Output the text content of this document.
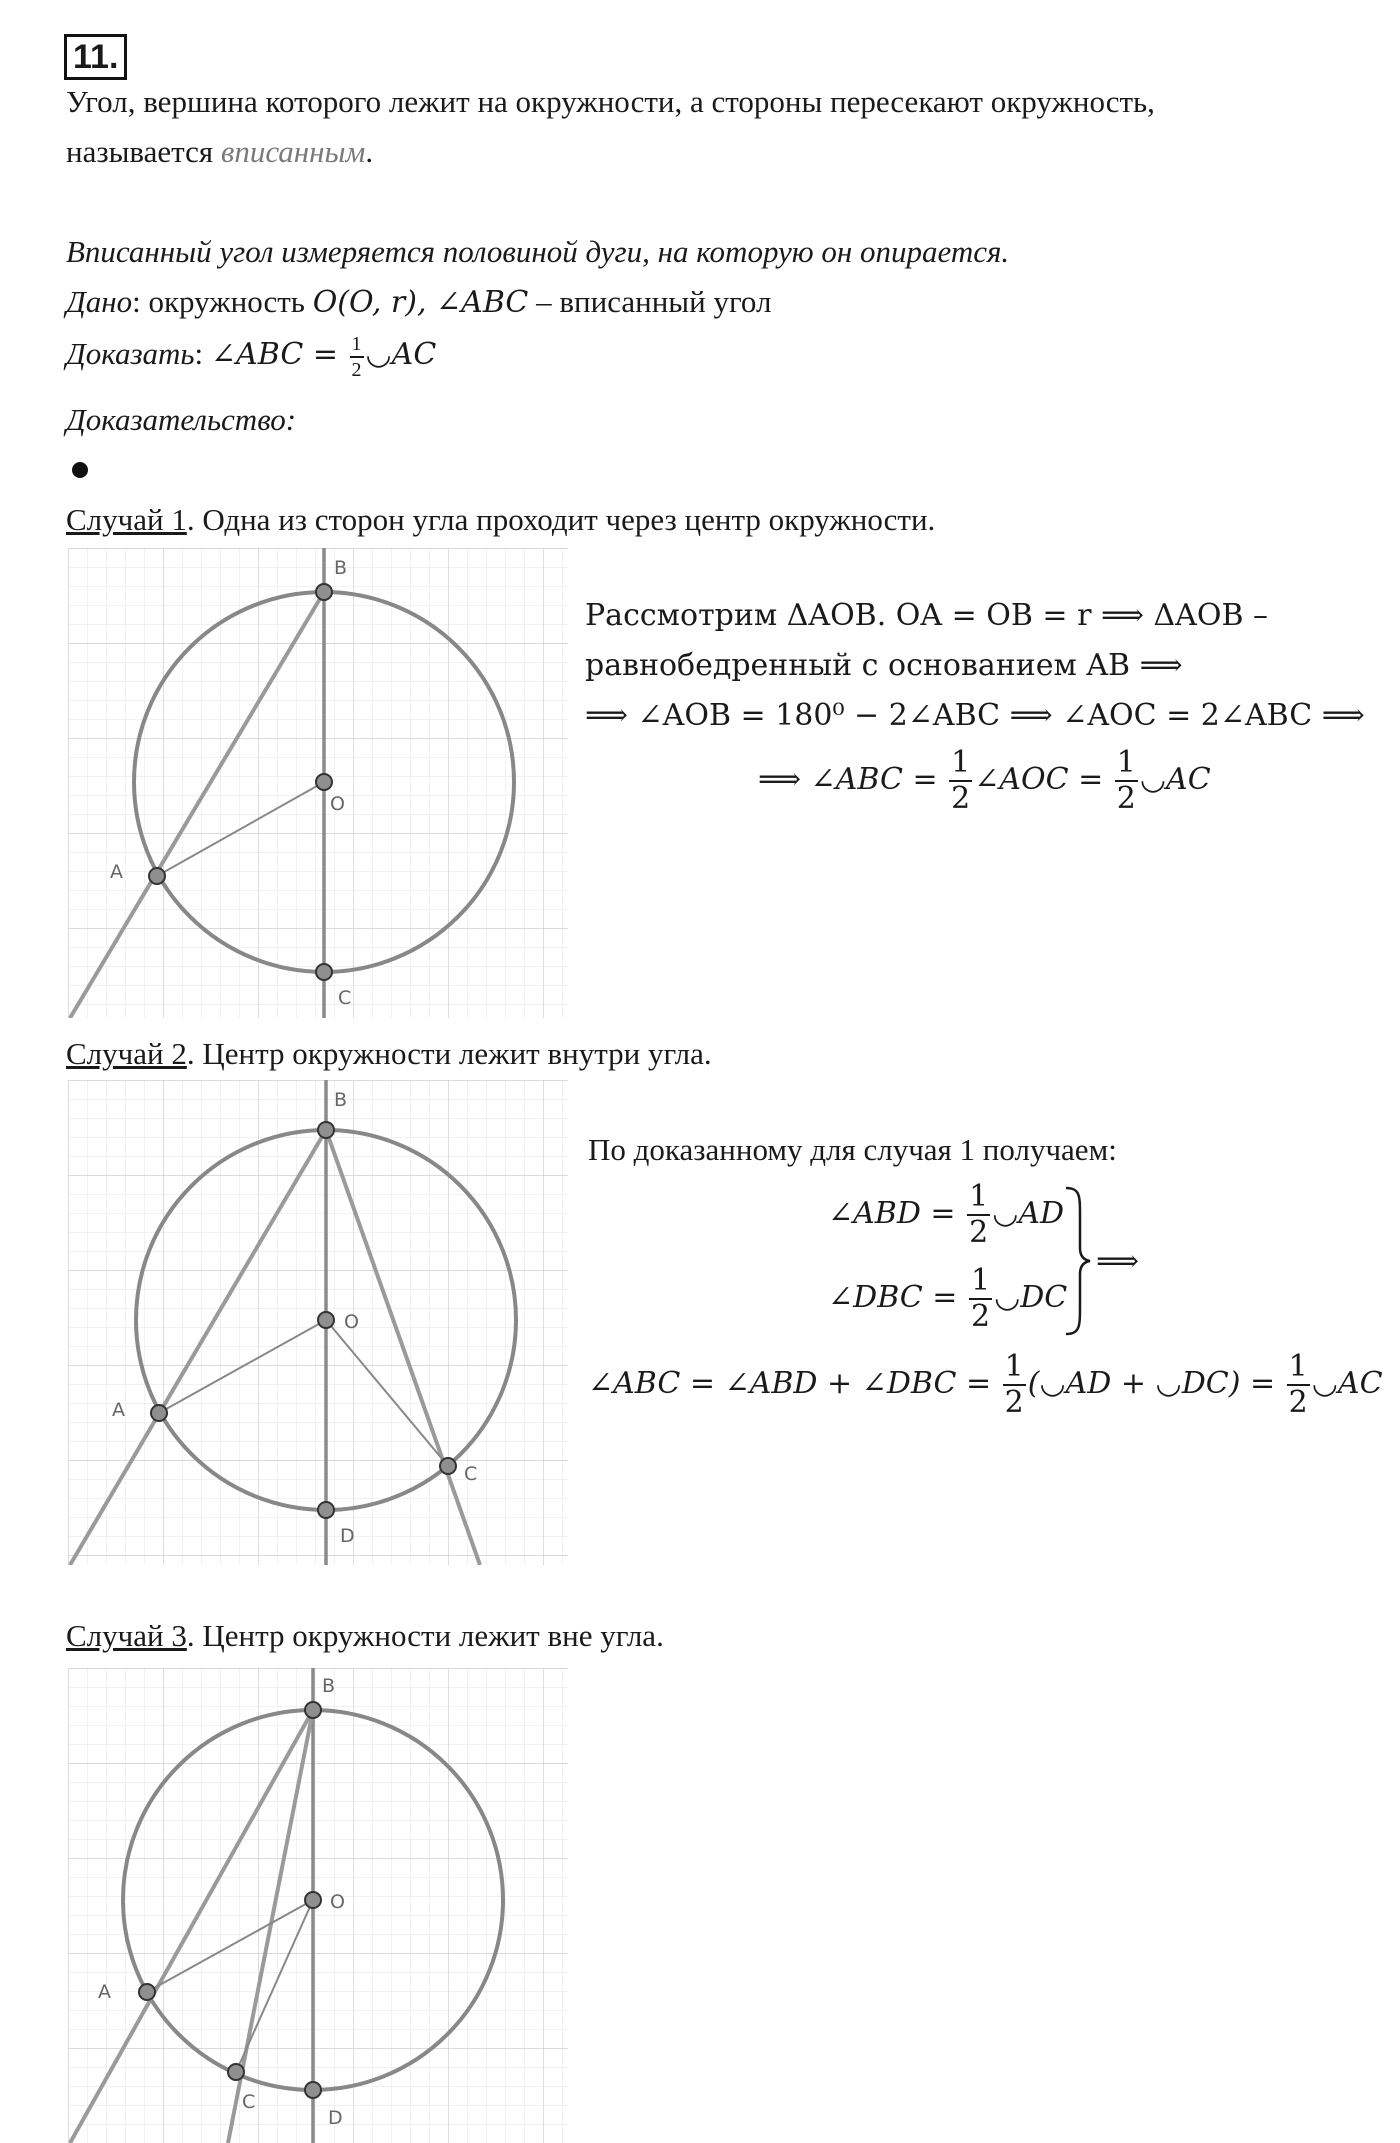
11.
Угол, вершина которого лежит на окружности, а стороны пересекают окружность,
называется вписанным.
Вписанный угол измеряется половиной дуги, на которую он опирается.
Дано: окружность O(O, r), ∠ABC – вписанный угол
Доказать: ∠ABC = $\frac{1}{2}$ ◡AC
Доказательство:
Случай 1. Одна из сторон угла проходит через центр окружности.
B
O
A
C
Рассмотрим ΔAOB. OA = OB = r ⟹ ΔAOB –
равнобедренный с основанием AB ⟹
⟹ ∠AOB = 180⁰ − 2∠ABC ⟹ ∠AOC = 2∠ABC ⟹
⟹ ∠ABC = $\frac{1}{2}$ ∠AOC = $\frac{1}{2}$ ◡AC
Случай 2. Центр окружности лежит внутри угла.
B
O
A
C
D
По доказанному для случая 1 получаем:
∠ABD = $\frac{1}{2}$ ◡AD
∠DBC = $\frac{1}{2}$ ◡DC
⟹
∠ABC = ∠ABD + ∠DBC = $\frac{1}{2}$ (◡AD + ◡DC) = $\frac{1}{2}$ ◡AC
Случай 3. Центр окружности лежит вне угла.
B
O
A
C
D
